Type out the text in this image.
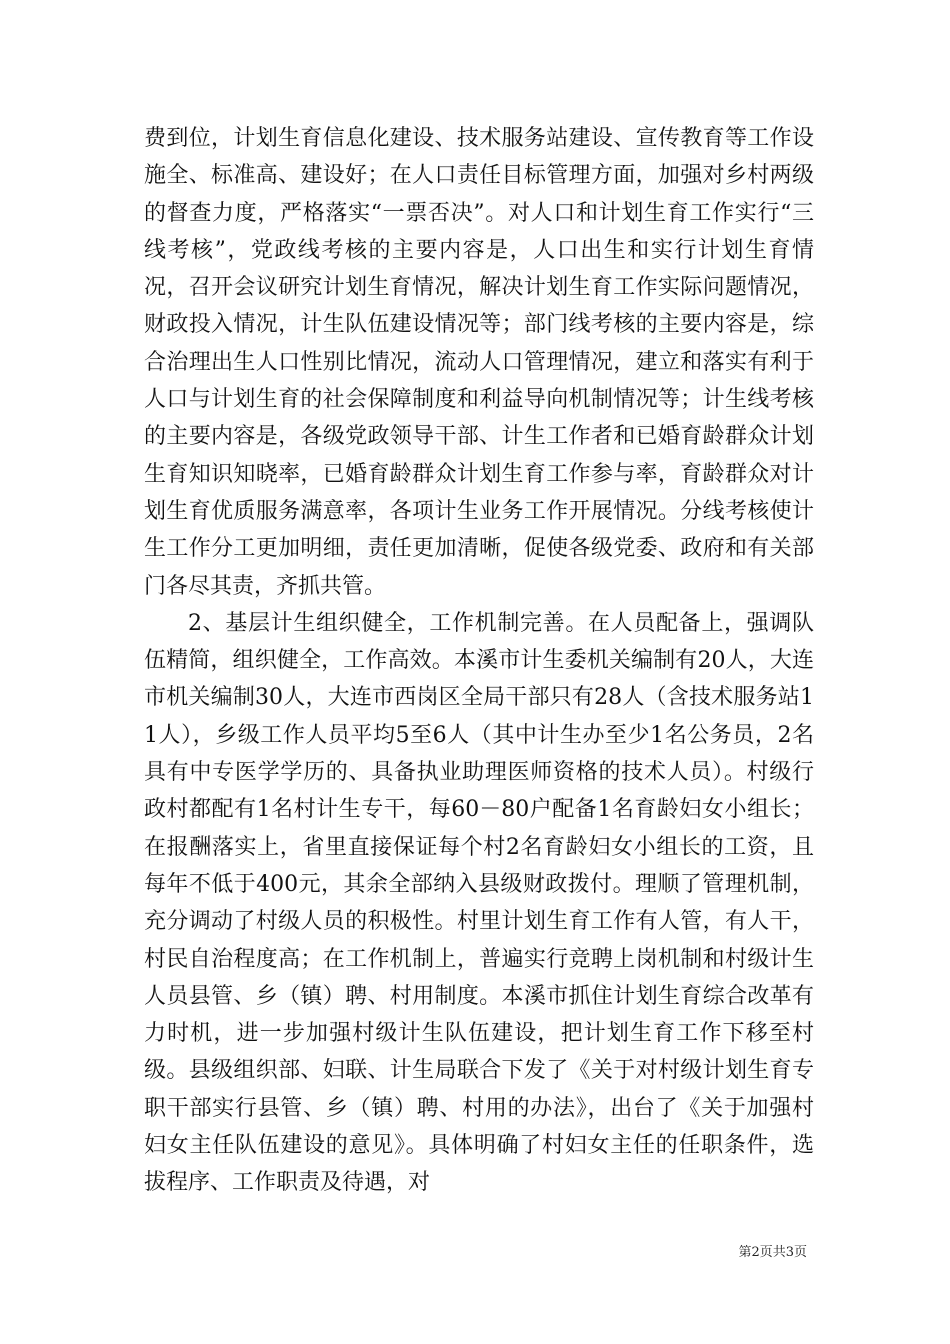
费到位，计划生育信息化建设、技术服务站建设、宣传教育等工作设施全、标准高、建设好；在人口责任目标管理方面，加强对乡村两级的督查力度，严格落实“一票否决”。对人口和计划生育工作实行“三线考核”，党政线考核的主要内容是，人口出生和实行计划生育情况，召开会议研究计划生育情况，解决计划生育工作实际问题情况，财政投入情况，计生队伍建设情况等；部门线考核的主要内容是，综合治理出生人口性别比情况，流动人口管理情况，建立和落实有利于人口与计划生育的社会保障制度和利益导向机制情况等；计生线考核的主要内容是，各级党政领导干部、计生工作者和已婚育龄群众计划生育知识知晓率，已婚育龄群众计划生育工作参与率，育龄群众对计划生育优质服务满意率，各项计生业务工作开展情况。分线考核使计生工作分工更加明细，责任更加清晰，促使各级党委、政府和有关部门各尽其责，齐抓共管。

2、基层计生组织健全，工作机制完善。在人员配备上，强调队伍精简，组织健全，工作高效。本溪市计生委机关编制有20人，大连市机关编制30人，大连市西岗区全局干部只有28人（含技术服务站11人），乡级工作人员平均5至6人（其中计生办至少1名公务员，2名具有中专医学学历的、具备执业助理医师资格的技术人员）。村级行政村都配有1名村计生专干，每60－80户配备1名育龄妇女小组长；在报酬落实上，省里直接保证每个村2名育龄妇女小组长的工资，且每年不低于400元，其余全部纳入县级财政拨付。理顺了管理机制，充分调动了村级人员的积极性。村里计划生育工作有人管，有人干，村民自治程度高；在工作机制上，普遍实行竞聘上岗机制和村级计生人员县管、乡（镇）聘、村用制度。本溪市抓住计划生育综合改革有力时机，进一步加强村级计生队伍建设，把计划生育工作下移至村级。县级组织部、妇联、计生局联合下发了《关于对村级计划生育专职干部实行县管、乡（镇）聘、村用的办法》，出台了《关于加强村妇女主任队伍建设的意见》。具体明确了村妇女主任的任职条件，选拔程序、工作职责及待遇，对

第2页共3页
